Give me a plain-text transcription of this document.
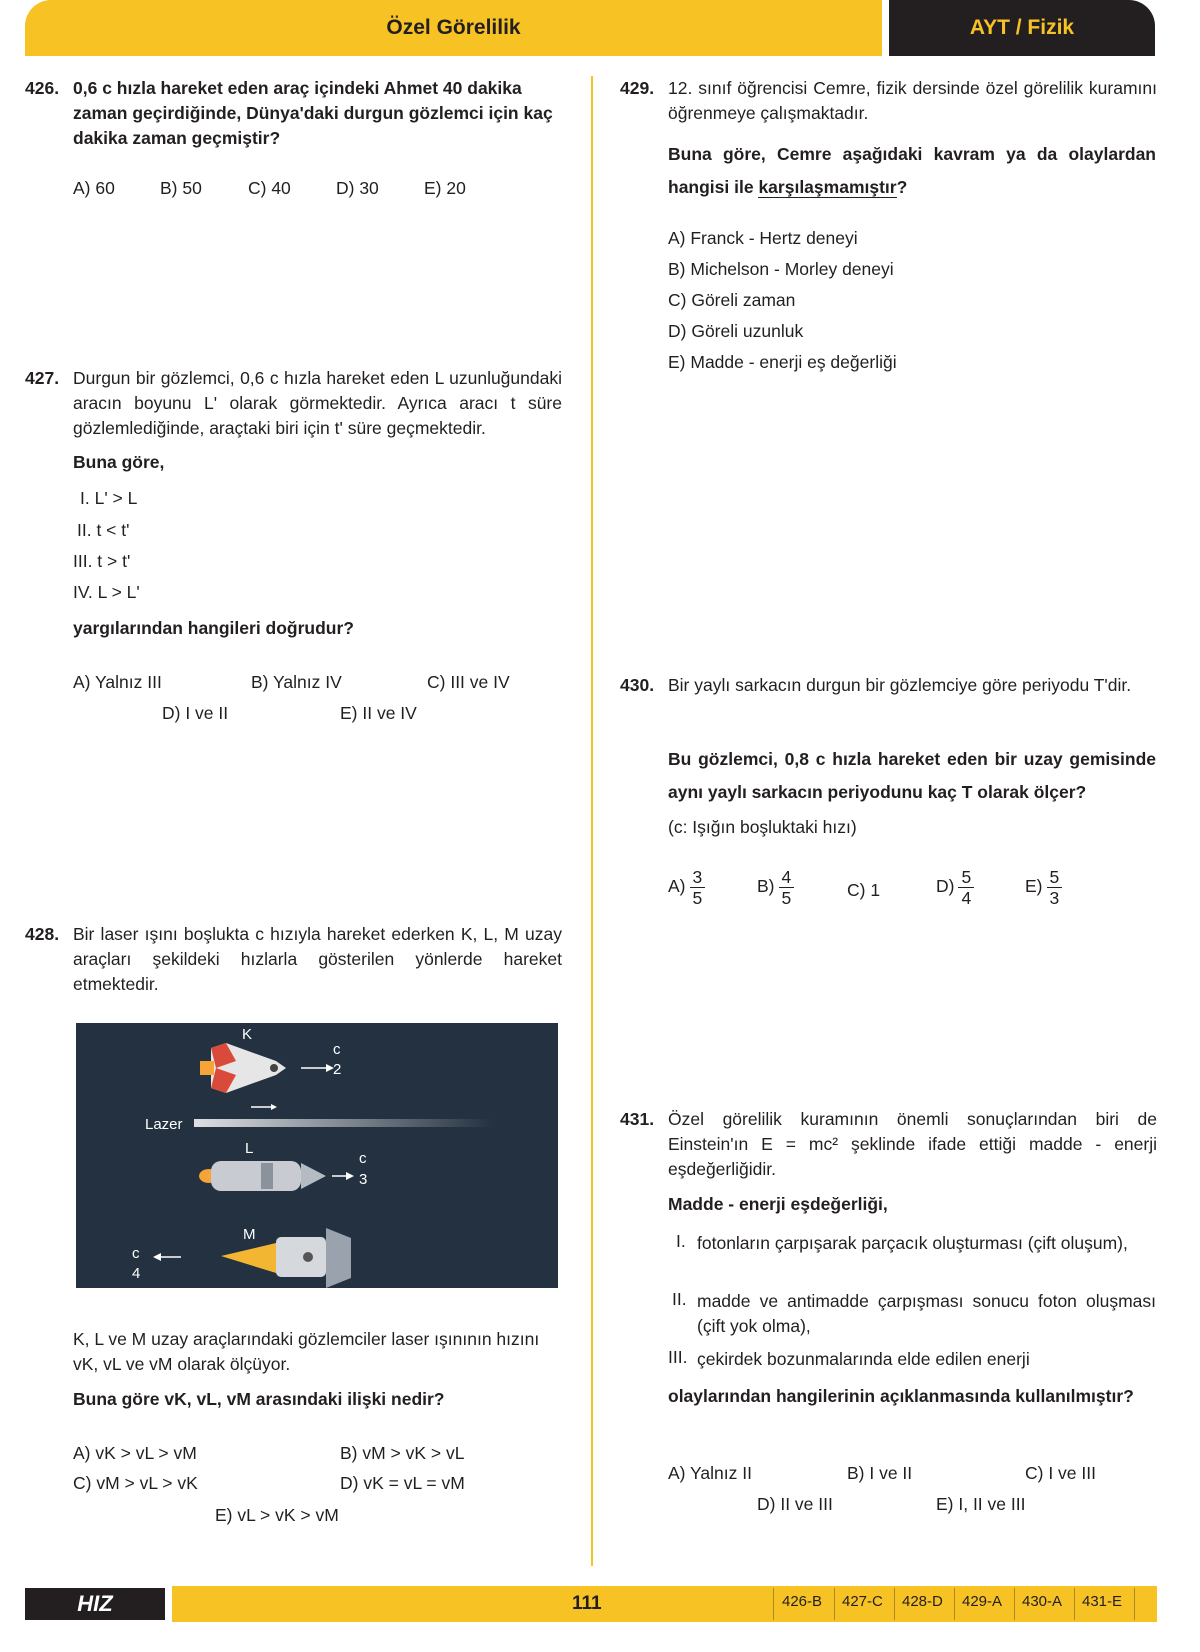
Özel Görelilik	AYT / Fizik
426. 0,6 c hızla hareket eden araç içindeki Ahmet 40 dakika zaman geçirdiğinde, Dünya'daki durgun gözlemci için kaç dakika zaman geçmiştir?
A) 60	B) 50	C) 40	D) 30	E) 20
427. Durgun bir gözlemci, 0,6 c hızla hareket eden L uzunluğundaki aracın boyunu L' olarak görmektedir. Ayrıca aracı t süre gözlemlediğinde, araçtaki biri için t' süre geçmektedir.
Buna göre,
I. L' > L
II. t < t'
III. t > t'
IV. L > L'
yargılarından hangileri doğrudur?
A) Yalnız III	B) Yalnız IV	C) III ve IV
D) I ve II	E) II ve IV
428. Bir laser ışını boşlukta c hızıyla hareket ederken K, L, M uzay araçları şekildeki hızlarla gösterilen yönlerde hareket etmektedir.
K
c
2
Lazer
L
c
3
M
c
4
K, L ve M uzay araçlarındaki gözlemciler laser ışınının hızını vK, vL ve vM olarak ölçüyor.
Buna göre vK, vL, vM arasındaki ilişki nedir?
A) vK > vL > vM	B) vM > vK > vL
C) vM > vL > vK	D) vK = vL = vM
E) vL > vK > vM
429. 12. sınıf öğrencisi Cemre, fizik dersinde özel görelilik kuramını öğrenmeye çalışmaktadır.
Buna göre, Cemre aşağıdaki kavram ya da olaylardan hangisi ile karşılaşmamıştır?
A) Franck - Hertz deneyi
B) Michelson - Morley deneyi
C) Göreli zaman
D) Göreli uzunluk
E) Madde - enerji eş değerliği
430. Bir yaylı sarkacın durgun bir gözlemciye göre periyodu T'dir.
Bu gözlemci, 0,8 c hızla hareket eden bir uzay gemisinde aynı yaylı sarkacın periyodunu kaç T olarak ölçer?
(c: Işığın boşluktaki hızı)
$A) \frac{3}{5}$	$B) \frac{4}{5}$	C) 1	$D) \frac{5}{4}$	$E) \frac{5}{3}$
431. Özel görelilik kuramının önemli sonuçlarından biri de Einstein'ın E = mc² şeklinde ifade ettiği madde - enerji eşdeğerliğidir.
Madde - enerji eşdeğerliği,
I. fotonların çarpışarak parçacık oluşturması (çift oluşum),
II. madde ve antimadde çarpışması sonucu foton oluşması (çift yok olma),
III. çekirdek bozunmalarında elde edilen enerji
olaylarından hangilerinin açıklanmasında kullanılmıştır?
A) Yalnız II	B) I ve II	C) I ve III
D) II ve III	E) I, II ve III
HIZ YAYINLARI
111	426-B 427-C 428-D 429-A 430-A 431-E
